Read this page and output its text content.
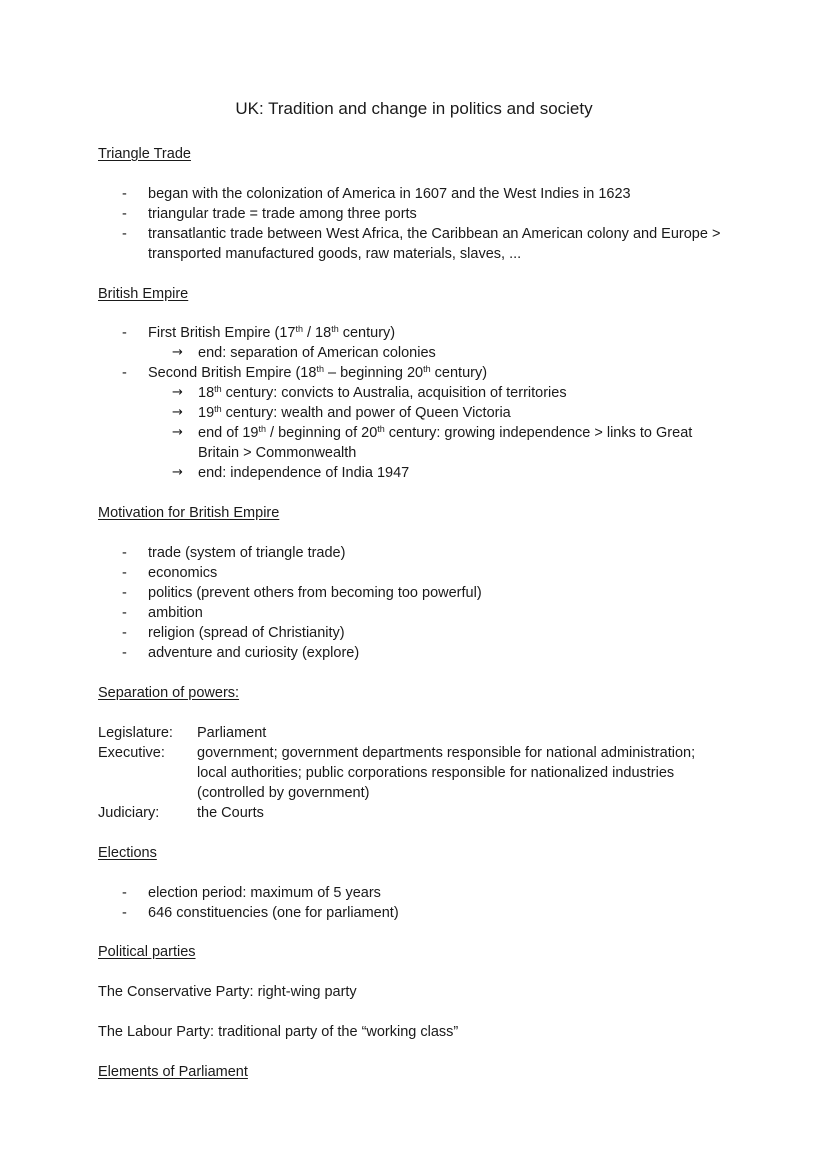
UK: Tradition and change in politics and society
Triangle Trade
- began with the colonization of America in 1607 and the West Indies in 1623
- triangular trade = trade among three ports
- transatlantic trade between West Africa, the Caribbean an American colony and Europe >
transported manufactured goods, raw materials, slaves, ...
British Empire
- First British Empire (17th / 18th century)
→ end: separation of American colonies
- Second British Empire (18th – beginning 20th century)
→ 18th century: convicts to Australia, acquisition of territories
→ 19th century: wealth and power of Queen Victoria
→ end of 19th / beginning of 20th century: growing independence > links to Great
Britain > Commonwealth
→ end: independence of India 1947
Motivation for British Empire
- trade (system of triangle trade)
- economics
- politics (prevent others from becoming too powerful)
- ambition
- religion (spread of Christianity)
- adventure and curiosity (explore)
Separation of powers:
Legislature: Parliament
Executive: government; government departments responsible for national administration;
local authorities; public corporations responsible for nationalized industries
(controlled by government)
Judiciary:	the Courts
Elections
- election period: maximum of 5 years
- 646 constituencies (one for parliament)
Political parties
The Conservative Party: right-wing party
The Labour Party: traditional party of the “working class”
Elements of Parliament
